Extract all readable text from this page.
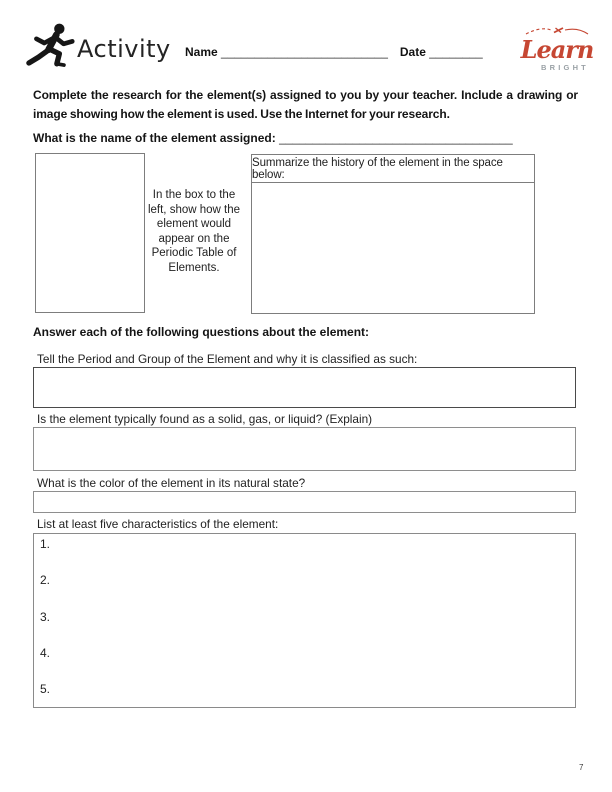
Activity Name _________________________ Date ________	Learn
BRIGHT

Complete the research for the element(s) assigned to you by your teacher. Include a drawing or image showing how the element is used. Use the Internet for your research.

What is the name of the element assigned: ___________________________________
In the box to the left, show how the element would appear on the Periodic Table of Elements.
Summarize the history of the element in the space below:
Answer each of the following questions about the element:
Tell the Period and Group of the Element and why it is classified as such:
Is the element typically found as a solid, gas, or liquid? (Explain)
What is the color of the element in its natural state?
List at least five characteristics of the element:
1.
2.
3.
4.
5.
7
